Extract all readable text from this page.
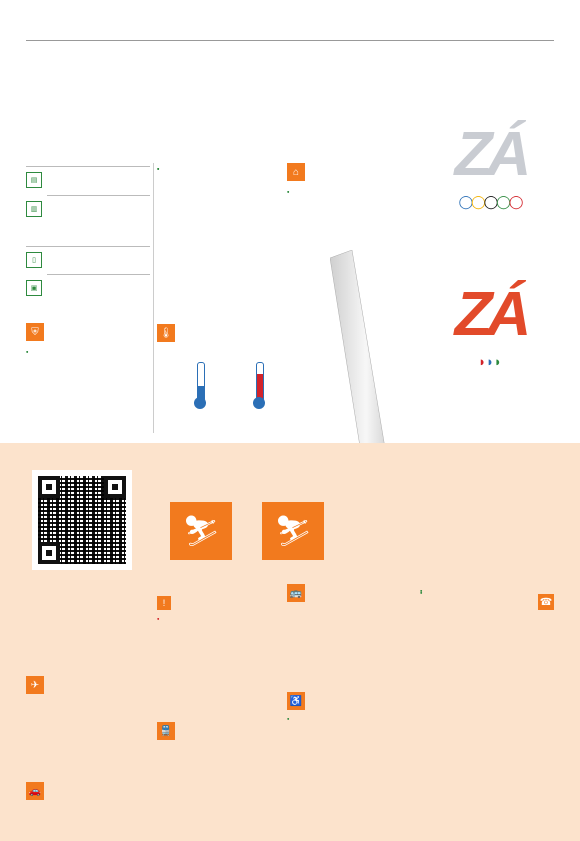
▤
▥
▯
▣
⛨	🌡
⌂	ZÁ
◯◯◯◯◯
ZÁ
◗◗◗
⛷	⛷
✈
🚗
!
🚆
🚌
♿
☎
